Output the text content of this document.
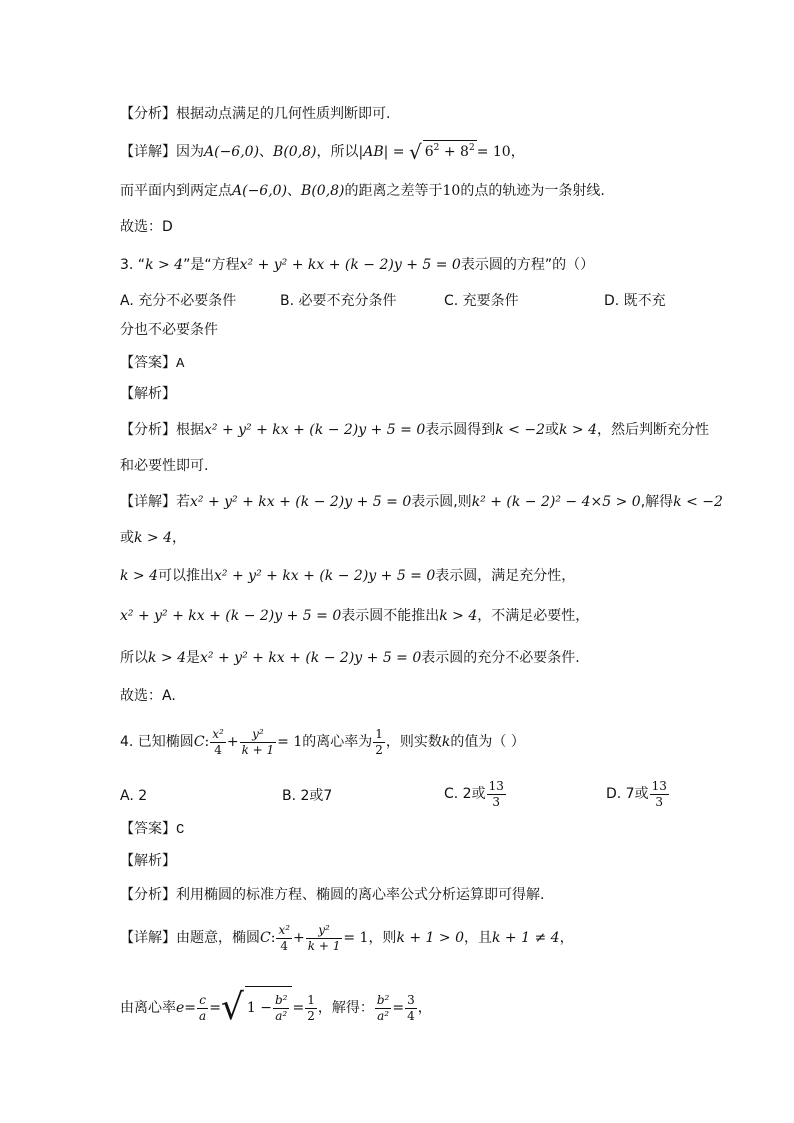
【分析】根据动点满足的几何性质判断即可.
【详解】因为A(−6,0)、B(0,8)，所以|AB| = √ $6^2 + 8^2 = 10$，
而平面内到两定点A(−6,0)、B(0,8)的距离之差等于10的点的轨迹为一条射线.
故选：D
3. “k > 4”是“方程x² + y² + kx + (k − 2)y + 5 = 0表示圆的方程”的（）
A. 充分不必要条件	B. 必要不充分条件	C. 充要条件	D. 既不充
分也不必要条件
【答案】A
【解析】
【分析】根据x² + y² + kx + (k − 2)y + 5 = 0表示圆得到k < −2或k > 4，然后判断充分性
和必要性即可.
【详解】若x² + y² + kx + (k − 2)y + 5 = 0表示圆,则k² + (k − 2)² − 4×5 > 0,解得k < −2
或k > 4，
k > 4可以推出x² + y² + kx + (k − 2)y + 5 = 0表示圆，满足充分性，
x² + y² + kx + (k − 2)y + 5 = 0表示圆不能推出k > 4，不满足必要性，
所以k > 4是x² + y² + kx + (k − 2)y + 5 = 0表示圆的充分不必要条件.
故选：A.
4. 已知椭圆C: $\frac{\text{x²}}{4} + \frac{\text{y²}}{k + 1} = 1$的离心率为 $\frac{1}{2}$ ，则实数k的值为（ ）
A. 2	B. 2或7	C. 2或 $\frac{13}{3}$	D. 7或 $\frac{13}{3}$
【答案】C
【解析】
【分析】利用椭圆的标准方程、椭圆的离心率公式分析运算即可得解.
【详解】由题意，椭圆C: $\frac{\text{x²}}{4} + \frac{\text{y²}}{k + 1} = 1$，则k + 1 > 0，且k + 1 ≠ 4，
由离心率$e= \frac{c}{a}$ =√ $1 - \frac{\text{b²}}{\text{a²}} = \frac{1}{2}$ ，解得： $\frac{\text{b²}}{\text{a²}} = \frac{3}{4}$ ，
